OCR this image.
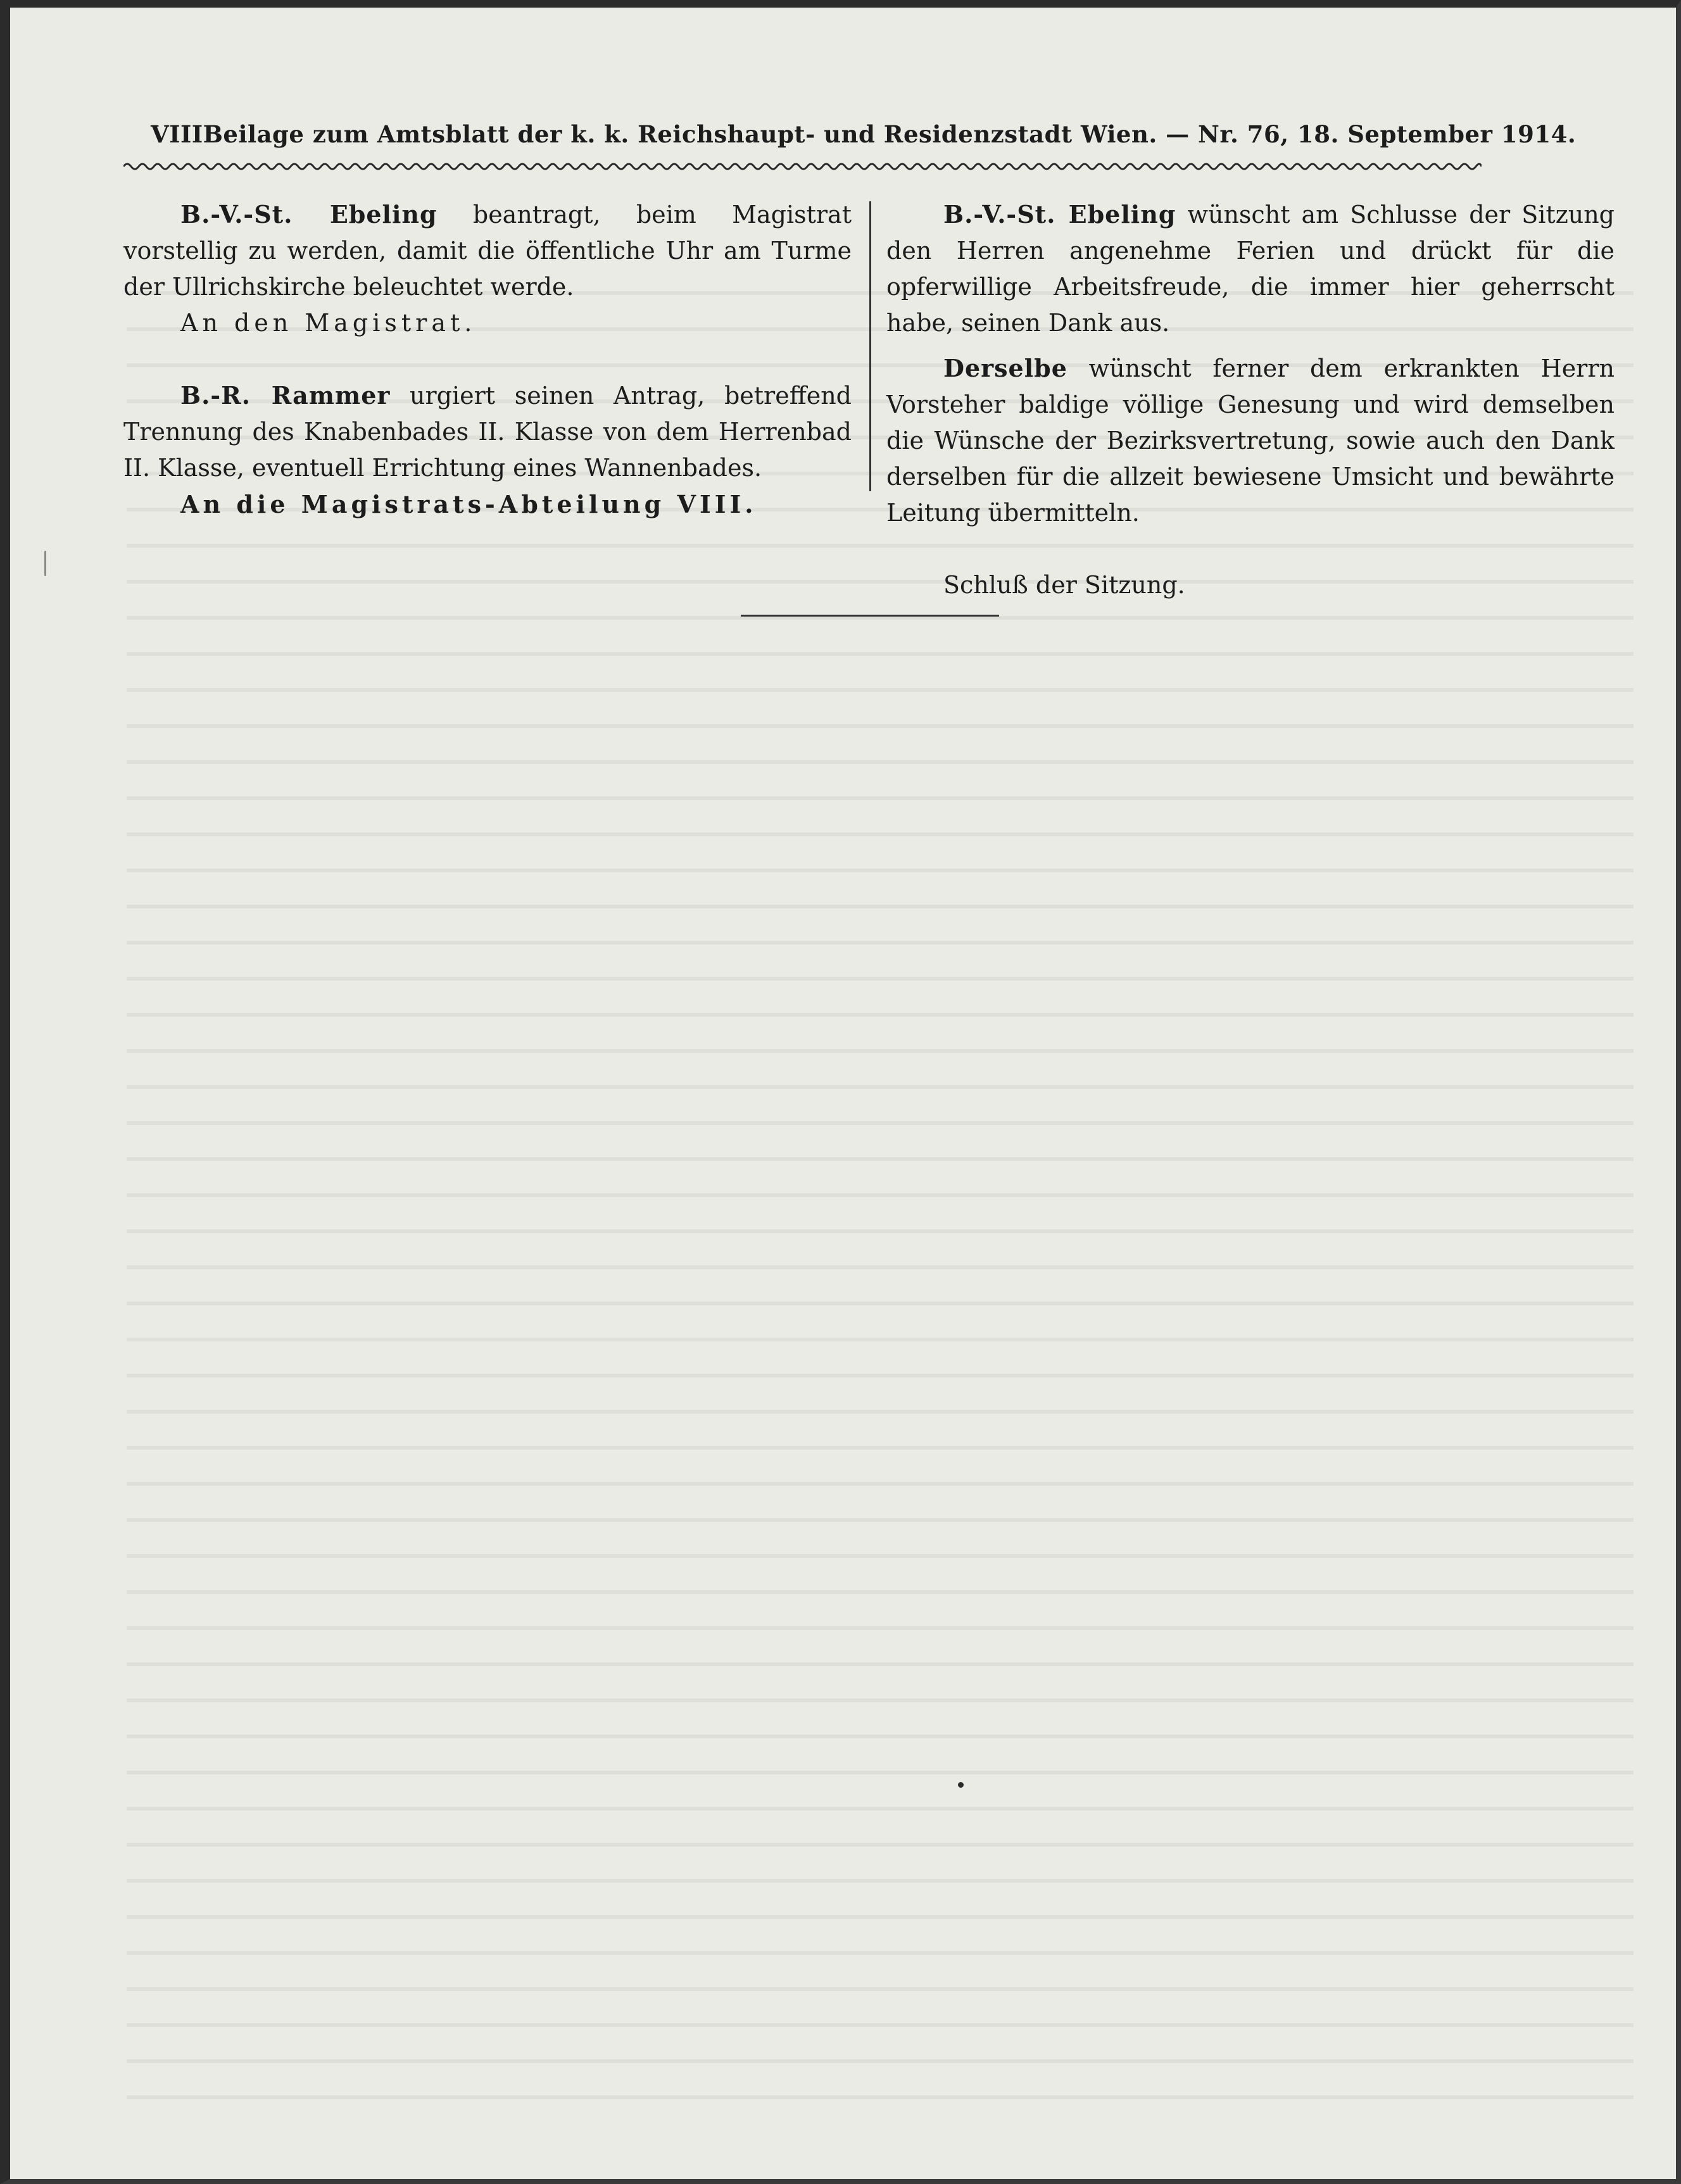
VIII Beilage zum Amtsblatt der k. k. Reichshaupt- und Residenzstadt Wien. — Nr. 76, 18. September 1914.

B.-V.-St. Ebeling beantragt, beim Magistrat vorstellig zu werden, damit die öffentliche Uhr am Turme der Ullrichskirche beleuchtet werde.

An den Magistrat.

B.-R. Rammer urgiert seinen Antrag, betreffend Trennung des Knabenbades II. Klasse von dem Herrenbad II. Klasse, eventuell Errichtung eines Wannenbades.

An die Magistrats-Abteilung VIII.

B.-V.-St. Ebeling wünscht am Schlusse der Sitzung den Herren angenehme Ferien und drückt für die opferwillige Arbeitsfreude, die immer hier geherrscht habe, seinen Dank aus.

Derselbe wünscht ferner dem erkrankten Herrn Vorsteher baldige völlige Genesung und wird demselben die Wünsche der Bezirksvertretung, sowie auch den Dank derselben für die allzeit bewiesene Umsicht und bewährte Leitung übermitteln.

Schluß der Sitzung.
